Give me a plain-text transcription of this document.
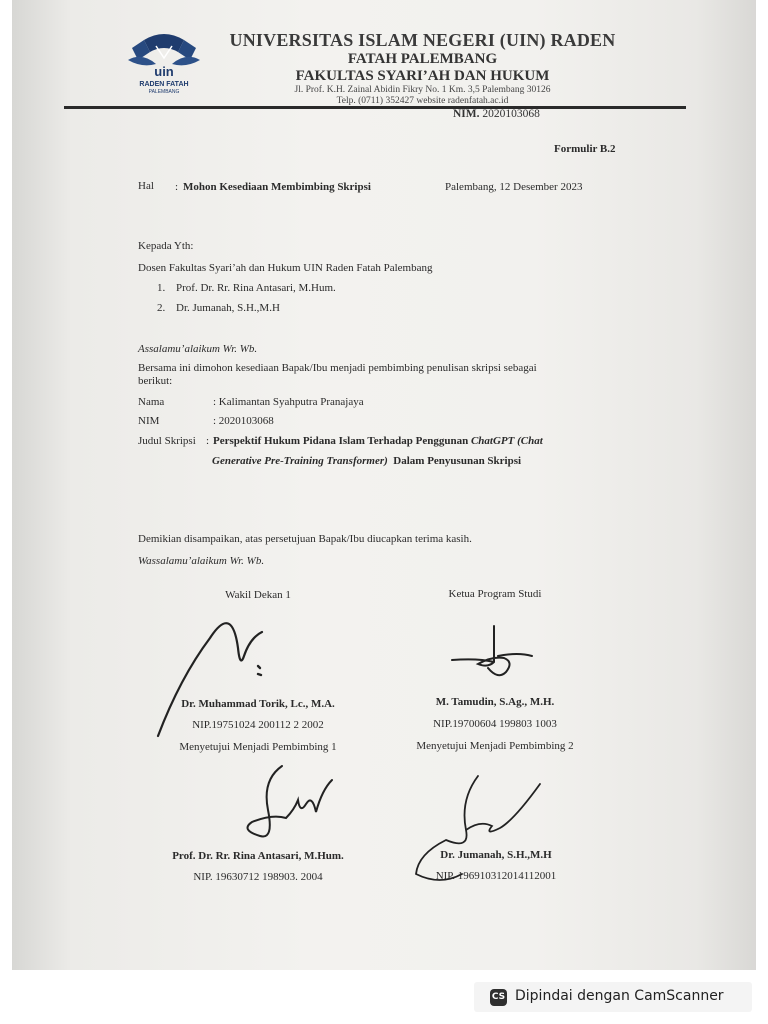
uin
RADEN FATAH
PALEMBANG
UNIVERSITAS ISLAM NEGERI (UIN) RADEN
FATAH PALEMBANG
FAKULTAS SYARI’AH DAN HUKUM
Jl. Prof. K.H. Zainal Abidin Fikry No. 1 Km. 3,5 Palembang 30126
Telp. (0711) 352427 website radenfatah.ac.id
NIM. 2020103068
Formulir B.2
Hal : Mohon Kesediaan Membimbing Skripsi	Palembang, 12 Desember 2023
Kepada Yth:
Dosen Fakultas Syari’ah dan Hukum UIN Raden Fatah Palembang
1. Prof. Dr. Rr. Rina Antasari, M.Hum.
2. Dr. Jumanah, S.H.,M.H
Assalamu’alaikum Wr. Wb.
Bersama ini dimohon kesediaan Bapak/Ibu menjadi pembimbing penulisan skripsi sebagai
berikut:
Nama	: Kalimantan Syahputra Pranajaya
NIM	: 2020103068
Judul Skripsi : Perspektif Hukum Pidana Islam Terhadap Penggunan ChatGPT (Chat
Generative Pre-Training Transformer) Dalam Penyusunan Skripsi
Demikian disampaikan, atas persetujuan Bapak/Ibu diucapkan terima kasih.
Wassalamu’alaikum Wr. Wb.
Wakil Dekan 1	Ketua Program Studi
Dr. Muhammad Torik, Lc., M.A.
NIP.19751024 200112 2 2002
M. Tamudin, S.Ag., M.H.
NIP.19700604 199803 1003
Menyetujui Menjadi Pembimbing 1	Menyetujui Menjadi Pembimbing 2
Prof. Dr. Rr. Rina Antasari, M.Hum.
NIP. 19630712 198903. 2004
Dr. Jumanah, S.H.,M.H
NIP. 196910312014112001
CS Dipindai dengan CamScanner
